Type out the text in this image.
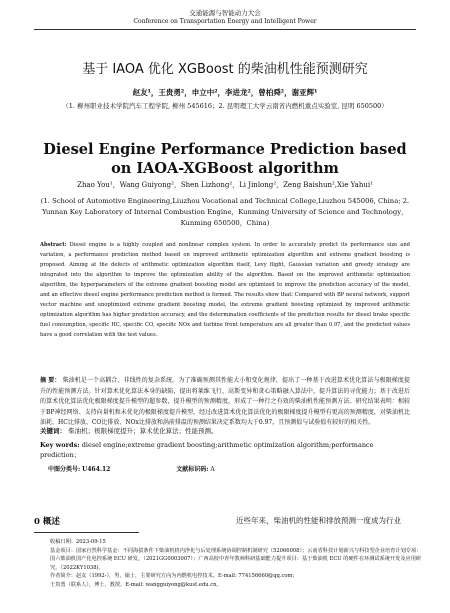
交通能源与智能动力大会
Conference on Transportation Energy and Intelligent Power
基于 IAOA 优化 XGBoost 的柴油机性能预测研究
赵友¹，王贵勇²，申立中²，李进龙²，曾柏舜²，谢亚辉¹
（1. 柳州职业技术学院汽车工程学院, 柳州 545616；2. 昆明理工大学云南省内燃机重点实验室, 昆明 650500）
Diesel Engine Performance Prediction based on IAOA-XGBoost algorithm
Zhao You¹，Wang Guiyong²，Shen Lizhong²，Li Jinlong²，Zeng Baishun²,Xie Yahui¹
(1. School of Automotive Engineering,Liuzhou Vocational and Technical College,Liuzhou 545006, China; 2. Yunnan Key Laboratory of Internal Combustion Engine，Kunming University of Science and Technology，Kunming 650500，China)
Abstract: Diesel engine is a highly coupled and nonlinear complex system. In order to accurately predict its performance size and variation, a performance prediction method based on improved arithmetic optimization algorithm and extreme gradient boosting is proposed. Aiming at the defects of arithmetic optimization algorithm itself, Levy flight, Gaussian variation and greedy strategy are integrated into the algorithm to improve the optimization ability of the algorithm. Based on the improved arithmetic optimization algorithm, the hyperparameters of the extreme gradient boosting model are optimized to improve the prediction accuracy of the model, and an effective diesel engine performance prediction method is formed. The results show that: Compared with BP neural network, support vector machine and unoptimized extreme gradient boosting model, the extreme gradient boosting optimized by improved arithmetic optimization algorithm has higher prediction accuracy, and the determination coefficients of the prediction results for diesel brake specific fuel consumption, specific HC, specific CO, specific NOx and turbine front temperature are all greater than 0.97, and the predicted values have a good correlation with the test values.
摘 要： 柴油机是一个高耦合、非线性的复杂系统。为了准确预测其性能大小和变化规律，提出了一种基于改进算术优化算法与极限梯度提升的性能预测方法。针对算术优化算法本身的缺陷，提出将莱维飞行、高斯变异和贪心策略融入算法中，提升算法的寻优能力；基于改进后的算术优化算法优化极限梯度提升模型的超参数，提升模型的预测精度，形成了一种行之有效的柴油机性能预测方法。研究结果表明：相较于BP神经网络、支持向量机和未优化的极限梯度提升模型，经过改进算术优化算法优化的极限梯度提升模型有更高的预测精度，对柴油机比油耗、HC比排放、CO比排放、NOx比排放和涡前排温的预测结果决定系数均大于0.97，且预测值与试验值有较好的相关性。
关键词： 柴油机；极限梯度提升；算术优化算法；性能预测。
Key words: diesel engine;extreme gradient boosting;arithmetic optimization algorithm;performance prediction；
中图分类号: U464.12	文献标识码: A
0 概述	近些年来，柴油机的性能和排放预测一度成为行业
收稿日期：2023-09-15
基金项目：国家自然科学基金：不同海拔条件下柴油机机内净化与后处理系统协调控制机制研究（52066008）；云南省科技计划新兴与科技型企业培育计划专项：国六柴油机国产化电控系统 ECU 研发。（2021GG0003007）；广西高校中青年教师科研基础能力提升项目：基于柴油机 ECU 的硬件在环测试系统开发及应用研究。（2022KY1038)。
作者简介：赵友（1992-），男，硕士，主要研究方向为内燃机电控技术。E-mail: 774156660@qq.com；
王贵勇（联系人），博士，教授。E-mail: wangguiyong@kust.edu.cn。
